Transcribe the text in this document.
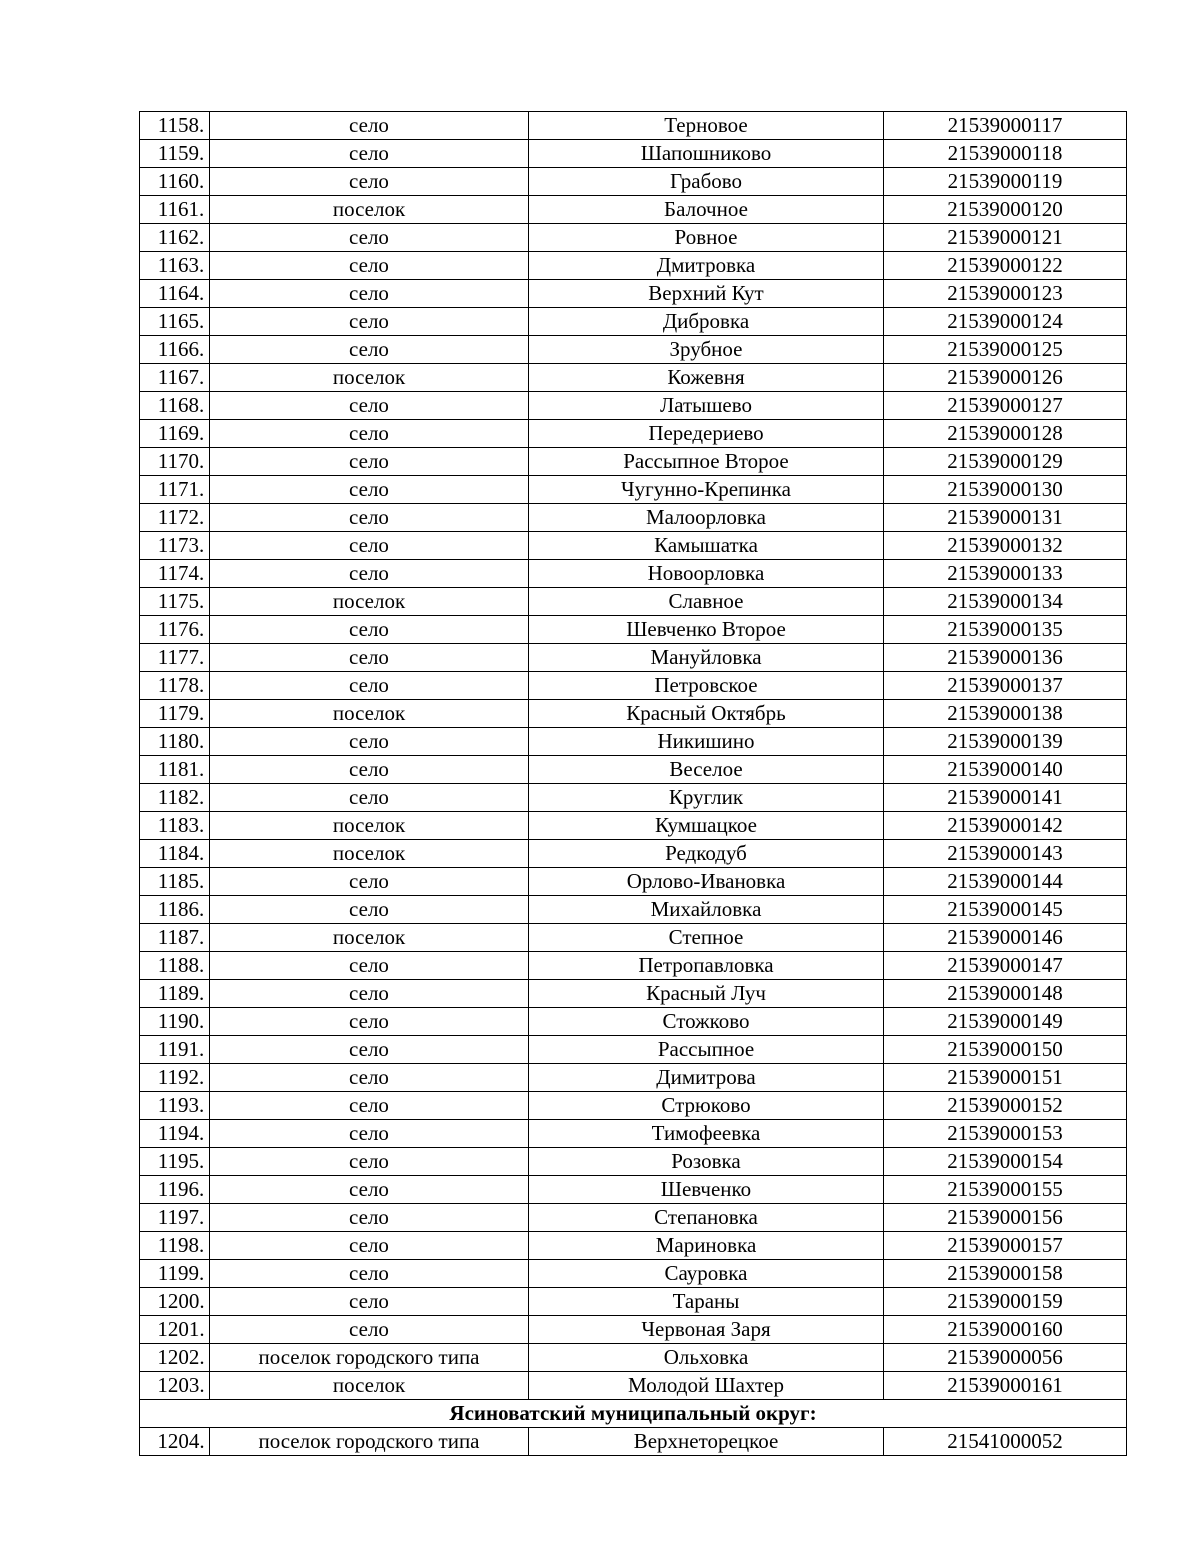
1158.	село	Терновое	21539000117
1159.	село	Шапошниково	21539000118
1160.	село	Грабово	21539000119
1161.	поселок	Балочное	21539000120
1162.	село	Ровное	21539000121
1163.	село	Дмитровка	21539000122
1164.	село	Верхний Кут	21539000123
1165.	село	Дибровка	21539000124
1166.	село	Зрубное	21539000125
1167.	поселок	Кожевня	21539000126
1168.	село	Латышево	21539000127
1169.	село	Передериево	21539000128
1170.	село	Рассыпное Второе	21539000129
1171.	село	Чугунно-Крепинка	21539000130
1172.	село	Малоорловка	21539000131
1173.	село	Камышатка	21539000132
1174.	село	Новоорловка	21539000133
1175.	поселок	Славное	21539000134
1176.	село	Шевченко Второе	21539000135
1177.	село	Мануйловка	21539000136
1178.	село	Петровское	21539000137
1179.	поселок	Красный Октябрь	21539000138
1180.	село	Никишино	21539000139
1181.	село	Веселое	21539000140
1182.	село	Круглик	21539000141
1183.	поселок	Кумшацкое	21539000142
1184.	поселок	Редкодуб	21539000143
1185.	село	Орлово-Ивановка	21539000144
1186.	село	Михайловка	21539000145
1187.	поселок	Степное	21539000146
1188.	село	Петропавловка	21539000147
1189.	село	Красный Луч	21539000148
1190.	село	Стожково	21539000149
1191.	село	Рассыпное	21539000150
1192.	село	Димитрова	21539000151
1193.	село	Стрюково	21539000152
1194.	село	Тимофеевка	21539000153
1195.	село	Розовка	21539000154
1196.	село	Шевченко	21539000155
1197.	село	Степановка	21539000156
1198.	село	Мариновка	21539000157
1199.	село	Сауровка	21539000158
1200.	село	Тараны	21539000159
1201.	село	Червоная Заря	21539000160
1202.	поселок городского типа	Ольховка	21539000056
1203.	поселок	Молодой Шахтер	21539000161
Ясиноватский муниципальный округ:			
1204.	поселок городского типа	Верхнеторецкое	21541000052
